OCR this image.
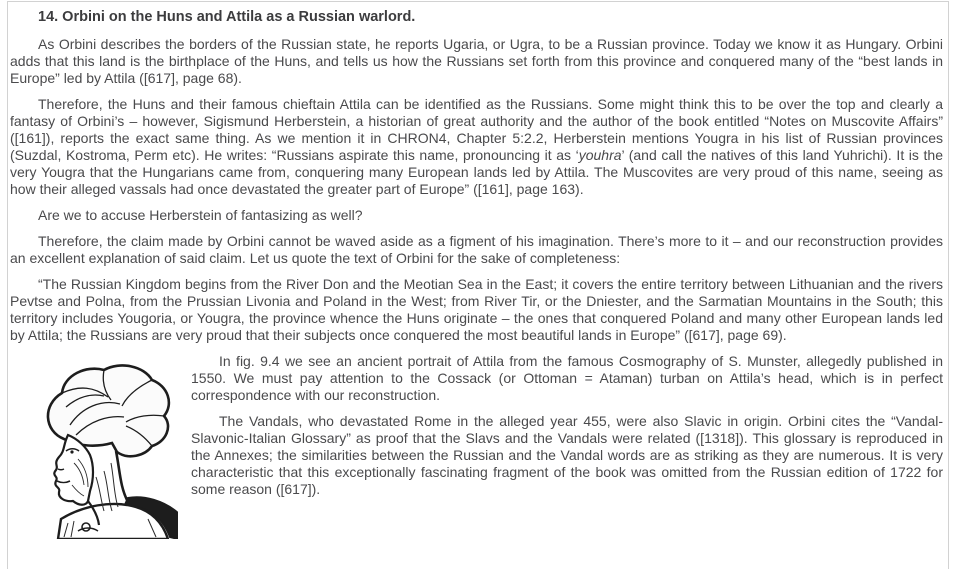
14. Orbini on the Huns and Attila as a Russian warlord.

As Orbini describes the borders of the Russian state, he reports Ugaria, or Ugra, to be a Russian province. Today we know it as Hungary. Orbini adds that this land is the birthplace of the Huns, and tells us how the Russians set forth from this province and conquered many of the “best lands in Europe” led by Attila ([617], page 68).

Therefore, the Huns and their famous chieftain Attila can be identified as the Russians. Some might think this to be over the top and clearly a fantasy of Orbini’s – however, Sigismund Herberstein, a historian of great authority and the author of the book entitled “Notes on Muscovite Affairs” ([161]), reports the exact same thing. As we mention it in CHRON4, Chapter 5:2.2, Herberstein mentions Yougra in his list of Russian provinces (Suzdal, Kostroma, Perm etc). He writes: “Russians aspirate this name, pronouncing it as ‘youhra’ (and call the natives of this land Yuhrichi). It is the very Yougra that the Hungarians came from, conquering many European lands led by Attila. The Muscovites are very proud of this name, seeing as how their alleged vassals had once devastated the greater part of Europe” ([161], page 163).

Are we to accuse Herberstein of fantasizing as well?

Therefore, the claim made by Orbini cannot be waved aside as a figment of his imagination. There’s more to it – and our reconstruction provides an excellent explanation of said claim. Let us quote the text of Orbini for the sake of completeness:

“The Russian Kingdom begins from the River Don and the Meotian Sea in the East; it covers the entire territory between Lithuanian and the rivers Pevtse and Polna, from the Prussian Livonia and Poland in the West; from River Tir, or the Dniester, and the Sarmatian Mountains in the South; this territory includes Yougoria, or Yougra, the province whence the Huns originate – the ones that conquered Poland and many other European lands led by Attila; the Russians are very proud that their subjects once conquered the most beautiful lands in Europe” ([617], page 69).

In fig. 9.4 we see an ancient portrait of Attila from the famous Cosmography of S. Munster, allegedly published in 1550. We must pay attention to the Cossack (or Ottoman = Ataman) turban on Attila’s head, which is in perfect correspondence with our reconstruction.

The Vandals, who devastated Rome in the alleged year 455, were also Slavic in origin. Orbini cites the “Vandal-Slavonic-Italian Glossary” as proof that the Slavs and the Vandals were related ([1318]). This glossary is reproduced in the Annexes; the similarities between the Russian and the Vandal words are as striking as they are numerous. It is very characteristic that this exceptionally fascinating fragment of the book was omitted from the Russian edition of 1722 for some reason ([617]).
